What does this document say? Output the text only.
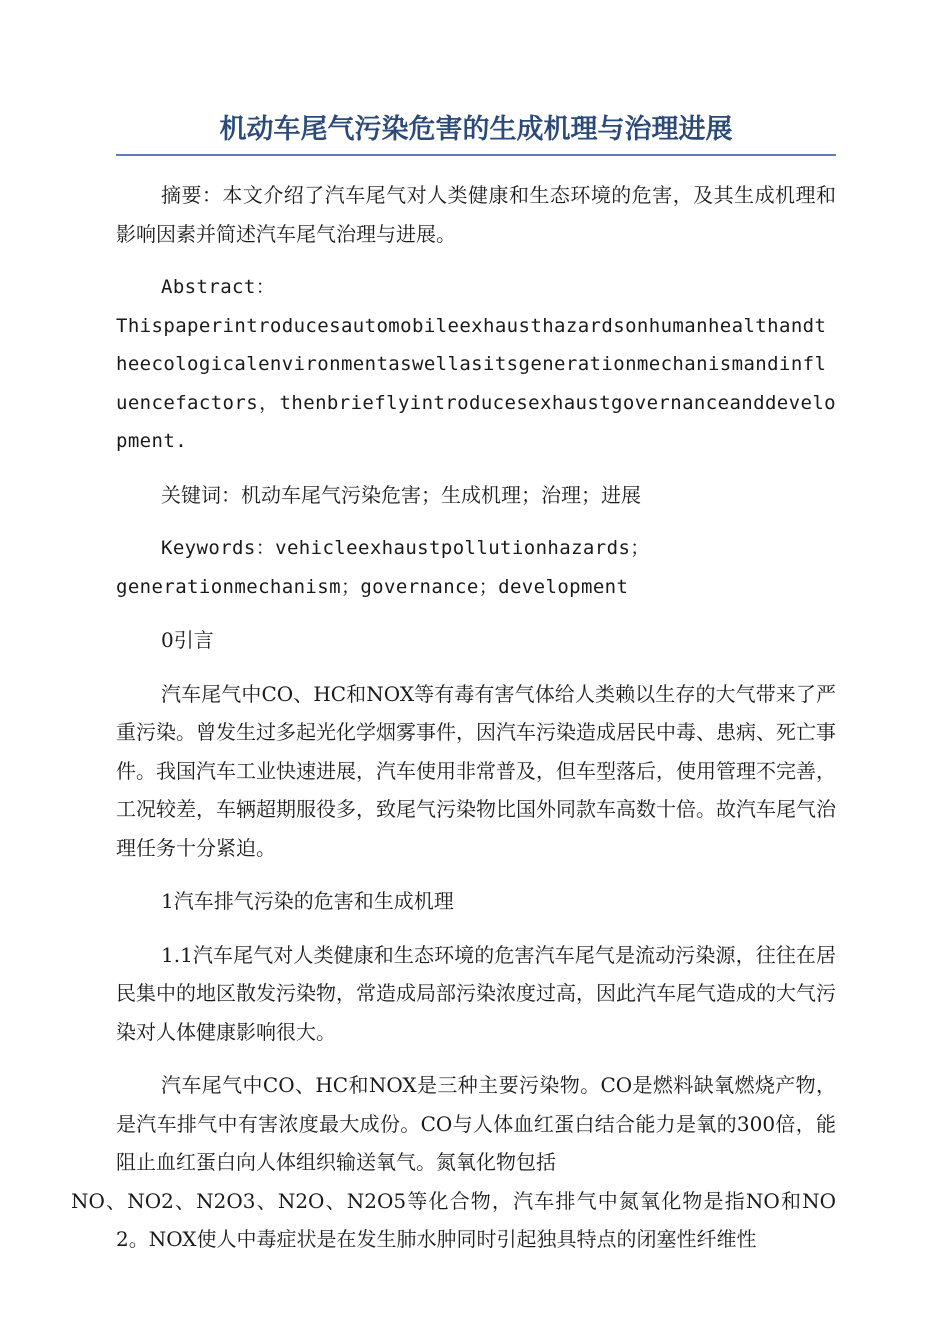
机动车尾气污染危害的生成机理与治理进展

摘要：本文介绍了汽车尾气对人类健康和生态环境的危害，及其生成机理和影响因素并简述汽车尾气治理与进展。

Abstract：

Thispaperintroducesautomobileexhausthazardsonhumanhealthandtheecologicalenvironmentaswellasitsgenerationmechanismandinfluencefactors，thenbrieflyintroducesexhaustgovernanceanddevelopment.

关键词：机动车尾气污染危害；生成机理；治理；进展

Keywords：vehicleexhaustpollutionhazards；
generationmechanism；governance；development

0引言

汽车尾气中CO、HC和NOX等有毒有害气体给人类赖以生存的大气带来了严重污染。曾发生过多起光化学烟雾事件，因汽车污染造成居民中毒、患病、死亡事件。我国汽车工业快速进展，汽车使用非常普及，但车型落后，使用管理不完善，工况较差，车辆超期服役多，致尾气污染物比国外同款车高数十倍。故汽车尾气治理任务十分紧迫。

1汽车排气污染的危害和生成机理

1.1汽车尾气对人类健康和生态环境的危害汽车尾气是流动污染源，往往在居民集中的地区散发污染物，常造成局部污染浓度过高，因此汽车尾气造成的大气污染对人体健康影响很大。

汽车尾气中CO、HC和NOX是三种主要污染物。CO是燃料缺氧燃烧产物，是汽车排气中有害浓度最大成份。CO与人体血红蛋白结合能力是氧的300倍，能阻止血红蛋白向人体组织输送氧气。氮氧化物包括
NO、NO2、N2O3、N2O、N2O5等化合物，汽车排气中氮氧化物是指NO和NO2。NOX使人中毒症状是在发生肺水肿同时引起独具特点的闭塞性纤维性
